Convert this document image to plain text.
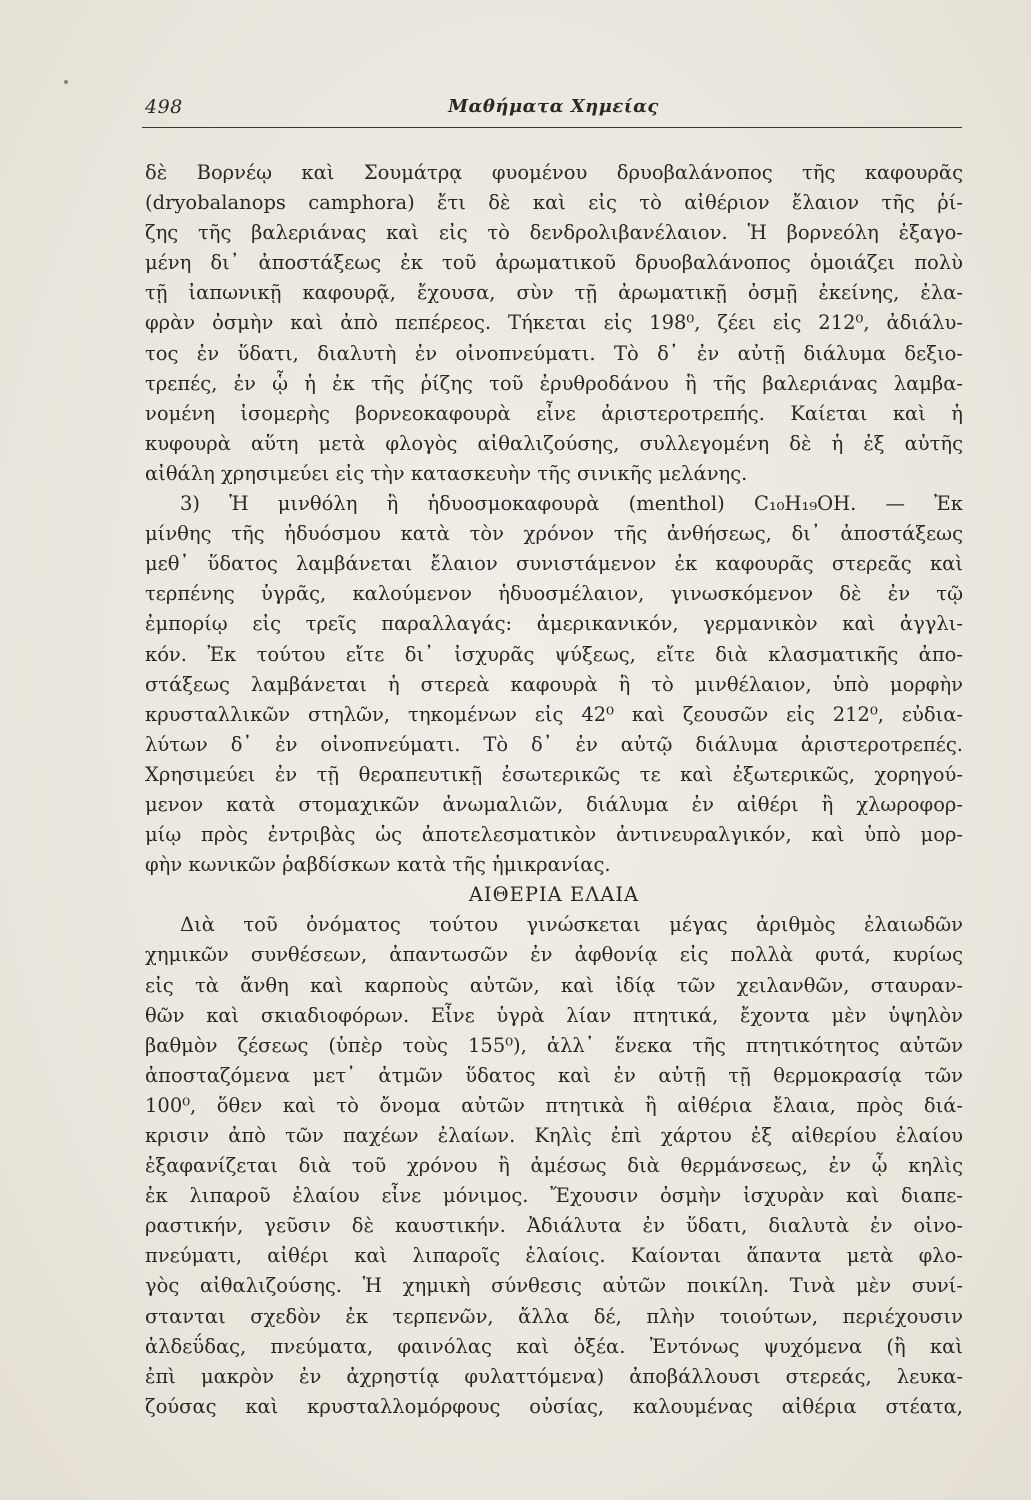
498	Μαθήματα Χημείας
δὲ Βορνέῳ καὶ Σουμάτρᾳ φυομένου δρυοβαλάνοπος τῆς καφουρᾶς
(dryobalanops camphora) ἔτι δὲ καὶ εἰς τὸ αἰθέριον ἔλαιον τῆς ῥί-
ζης τῆς βαλεριάνας καὶ εἰς τὸ δενδρολιβανέλαιον. Ἡ βορνεόλη ἐξαγο-
μένη δι᾽ ἀποστάξεως ἐκ τοῦ ἀρωματικοῦ δρυοβαλάνοπος ὁμοιάζει πολὺ
τῇ ἰαπωνικῇ καφουρᾷ, ἔχουσα, σὺν τῇ ἀρωματικῇ ὀσμῇ ἐκείνης, ἐλα-
φρὰν ὀσμὴν καὶ ἀπὸ πεπέρεος. Τήκεται εἰς 198⁰, ζέει εἰς 212⁰, ἀδιάλυ-
τος ἐν ὕδατι, διαλυτὴ ἐν οἰνοπνεύματι. Τὸ δ᾽ ἐν αὐτῇ διάλυμα δεξιο-
τρεπές, ἐν ᾧ ἡ ἐκ τῆς ῥίζης τοῦ ἐρυθροδάνου ἢ τῆς βαλεριάνας λαμβα-
νομένη ἰσομερὴς βορνεοκαφουρὰ εἶνε ἀριστεροτρεπής. Καίεται καὶ ἡ
κυφουρὰ αὕτη μετὰ φλογὸς αἰθαλιζούσης, συλλεγομένη δὲ ἡ ἐξ αὐτῆς
αἰθάλη χρησιμεύει εἰς τὴν κατασκευὴν τῆς σινικῆς μελάνης.
3) Ἡ μινθόλη ἢ ἡδυοσμοκαφουρὰ (menthol) C₁₀H₁₉OH. — Ἐκ
μίνθης τῆς ἡδυόσμου κατὰ τὸν χρόνον τῆς ἀνθήσεως, δι᾽ ἀποστάξεως
μεθ᾽ ὕδατος λαμβάνεται ἔλαιον συνιστάμενον ἐκ καφουρᾶς στερεᾶς καὶ
τερπένης ὑγρᾶς, καλούμενον ἡδυοσμέλαιον, γινωσκόμενον δὲ ἐν τῷ
ἐμπορίῳ εἰς τρεῖς παραλλαγάς: ἀμερικανικόν, γερμανικὸν καὶ ἀγγλι-
κόν. Ἐκ τούτου εἴτε δι᾽ ἰσχυρᾶς ψύξεως, εἴτε διὰ κλασματικῆς ἀπο-
στάξεως λαμβάνεται ἡ στερεὰ καφουρὰ ἢ τὸ μινθέλαιον, ὑπὸ μορφὴν
κρυσταλλικῶν στηλῶν, τηκομένων εἰς 42⁰ καὶ ζεουσῶν εἰς 212⁰, εὐδια-
λύτων δ᾽ ἐν οἰνοπνεύματι. Τὸ δ᾽ ἐν αὐτῷ διάλυμα ἀριστεροτρεπές.
Χρησιμεύει ἐν τῇ θεραπευτικῇ ἐσωτερικῶς τε καὶ ἐξωτερικῶς, χορηγού-
μενον κατὰ στομαχικῶν ἀνωμαλιῶν, διάλυμα ἐν αἰθέρι ἢ χλωροφορ-
μίῳ πρὸς ἐντριβὰς ὡς ἀποτελεσματικὸν ἀντινευραλγικόν, καὶ ὑπὸ μορ-
φὴν κωνικῶν ῥαβδίσκων κατὰ τῆς ἡμικρανίας.
ΑΙΘΕΡΙΑ ΕΛΑΙΑ
Διὰ τοῦ ὀνόματος τούτου γινώσκεται μέγας ἀριθμὸς ἐλαιωδῶν
χημικῶν συνθέσεων, ἀπαντωσῶν ἐν ἀφθονίᾳ εἰς πολλὰ φυτά, κυρίως
εἰς τὰ ἄνθη καὶ καρποὺς αὐτῶν, καὶ ἰδίᾳ τῶν χειλανθῶν, σταυραν-
θῶν καὶ σκιαδιοφόρων. Εἶνε ὑγρὰ λίαν πτητικά, ἔχοντα μὲν ὑψηλὸν
βαθμὸν ζέσεως (ὑπὲρ τοὺς 155⁰), ἀλλ᾽ ἕνεκα τῆς πτητικότητος αὐτῶν
ἀποσταζόμενα μετ᾽ ἀτμῶν ὕδατος καὶ ἐν αὐτῇ τῇ θερμοκρασίᾳ τῶν
100⁰, ὅθεν καὶ τὸ ὄνομα αὐτῶν πτητικὰ ἢ αἰθέρια ἔλαια, πρὸς διά-
κρισιν ἀπὸ τῶν παχέων ἐλαίων. Κηλὶς ἐπὶ χάρτου ἐξ αἰθερίου ἐλαίου
ἐξαφανίζεται διὰ τοῦ χρόνου ἢ ἀμέσως διὰ θερμάνσεως, ἐν ᾧ κηλὶς
ἐκ λιπαροῦ ἐλαίου εἶνε μόνιμος. Ἔχουσιν ὀσμὴν ἰσχυρὰν καὶ διαπε-
ραστικήν, γεῦσιν δὲ καυστικήν. Ἀδιάλυτα ἐν ὕδατι, διαλυτὰ ἐν οἰνο-
πνεύματι, αἰθέρι καὶ λιπαροῖς ἐλαίοις. Καίονται ἅπαντα μετὰ φλο-
γὸς αἰθαλιζούσης. Ἡ χημικὴ σύνθεσις αὐτῶν ποικίλη. Τινὰ μὲν συνί-
στανται σχεδὸν ἐκ τερπενῶν, ἄλλα δέ, πλὴν τοιούτων, περιέχουσιν
ἀλδεΰδας, πνεύματα, φαινόλας καὶ ὀξέα. Ἐντόνως ψυχόμενα (ἢ καὶ
ἐπὶ μακρὸν ἐν ἀχρηστίᾳ φυλαττόμενα) ἀποβάλλουσι στερεάς, λευκα-
ζούσας καὶ κρυσταλλομόρφους οὐσίας, καλουμένας αἰθέρια στέατα,
